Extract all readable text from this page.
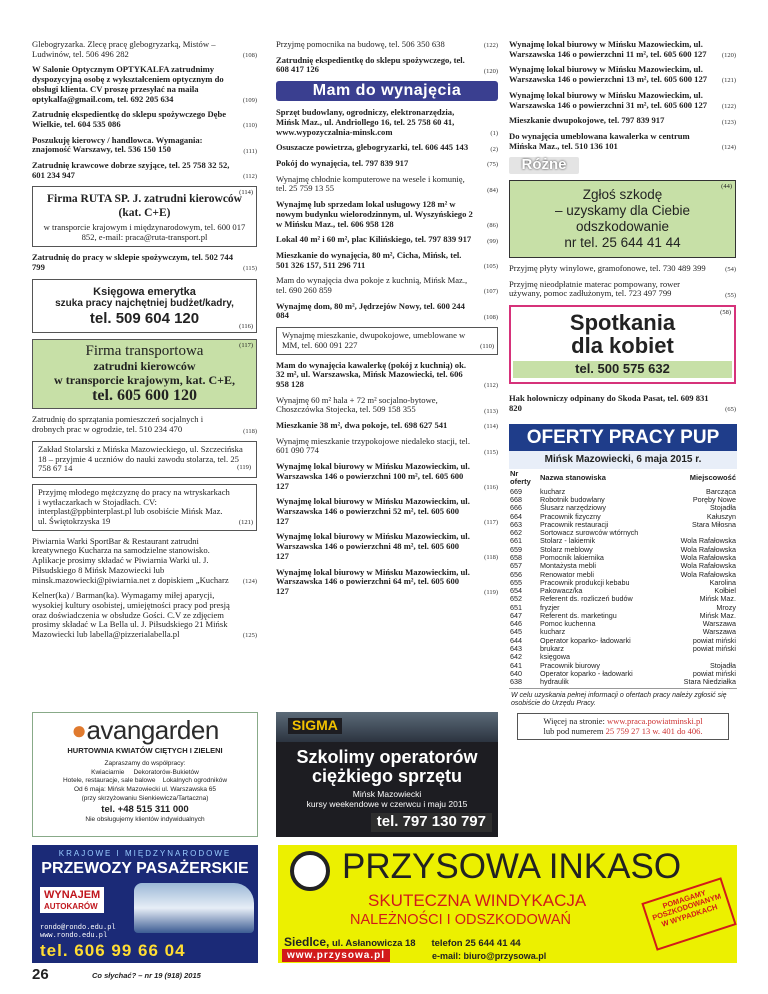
Glebogryzarka. Zlecę pracę glebogryzarką, Mistów – Ludwinów, tel. 506 496 282	(108)
W Salonie Optycznym OPTYKALFA zatrudnimy dyspozycyjną osobę z wykształceniem optycznym do obsługi klienta. CV proszę przesyłać na maila optykalfa@gmail.com, tel. 692 205 634	(109)
Zatrudnię ekspedientkę do sklepu spożywczego Dębe Wielkie, tel. 604 535 086	(110)
Poszukuję kierowcy / handlowca. Wymagania: znajomość Warszawy, tel. 536 150 150	(111)
Zatrudnię krawcowe dobrze szyjące, tel. 25 758 32 52, 601 234 947	(112)
(114)
Firma RUTA SP. J. zatrudni kierowców (kat. C+E)
w transporcie krajowym i międzynarodowym, tel. 600 017 852, e-mail: praca@ruta-transport.pl
Zatrudnię do pracy w sklepie spożywczym, tel. 502 744 799	(115)
(116)
Księgowa emerytka
szuka pracy najchętniej budżet/kadry,
tel. 509 604 120
(117)
Firma transportowa
zatrudni kierowców
w transporcie krajowym, kat. C+E,
tel. 605 600 120
Zatrudnię do sprzątania pomieszczeń socjalnych i drobnych prac w ogrodzie, tel. 510 234 470	(118)
Zakład Stolarski z Mińska Mazowieckiego, ul. Szczecińska 18 – przyjmie 4 uczniów do nauki zawodu stolarza, tel. 25 758 67 14	(119)
Przyjmę młodego mężczyznę do pracy na wtryskarkach i wytłaczarkach w Stojadłach. CV: interplast@ppbinterplast.pl lub osobiście Mińsk Maz. ul. Świętokrzyska 19	(121)
Piwiarnia Warki SportBar & Restaurant zatrudni kreatywnego Kucharza na samodzielne stanowisko. Aplikacje prosimy składać w Piwiarnia Warki ul. J. Piłsudskiego 8 Mińsk Mazowiecki lub minsk.mazowiecki@piwiarnia.net z dopiskiem „Kucharz (124)
Kelner(ka) / Barman(ka). Wymagamy miłej aparycji, wysokiej kultury osobistej, umiejętności pracy pod presją oraz doświadczenia w obsłudze Gości. C.V ze zdjęciem prosimy składać w La Bella ul. J. Piłsudskiego 21 Mińsk Mazowiecki lub labella@pizzerialabella.pl	(125)
Przyjmę pomocnika na budowę, tel. 506 350 638	(122)
Zatrudnię ekspedientkę do sklepu spożywczego, tel. 608 417 126	(120)
Mam do wynajęcia
Sprzęt budowlany, ogrodniczy, elektronarzędzia, Mińsk Maz., ul. Andriollego 16, tel. 25 758 60 41, www.wypozyczalnia-minsk.com	(1)
Osuszacze powietrza, glebogryzarki, tel. 606 445 143	(2)
Pokój do wynajęcia, tel. 797 839 917	(75)
Wynajmę chłodnie komputerowe na wesele i komunię, tel. 25 759 13 55	(84)
Wynajmę lub sprzedam lokal usługowy 128 m² w nowym budynku wielorodzinnym, ul. Wyszyńskiego 2 w Mińsku Maz., tel. 606 958 128	(86)
Lokal 40 m² i 60 m², plac Kilińskiego, tel. 797 839 917 (99)
Mieszkanie do wynajęcia, 80 m², Cicha, Mińsk, tel. 501 326 157, 511 296 711	(105)
Mam do wynajęcia dwa pokoje z kuchnią, Mińsk Maz., tel. 690 260 859	(107)
Wynajmę dom, 80 m², Jędrzejów Nowy, tel. 600 244 084	(108)
Wynajmę mieszkanie, dwupokojowe, umeblowane w MM, tel. 600 091 227	(110)
Mam do wynajęcia kawalerkę (pokój z kuchnią) ok. 32 m², ul. Warszawska, Mińsk Mazowiecki, tel. 606 958 128	(112)
Wynajmę 60 m² hala + 72 m² socjalno-bytowe, Choszczówka Stojecka, tel. 509 158 355	(113)
Mieszkanie 38 m², dwa pokoje, tel. 698 627 541	(114)
Wynajmę mieszkanie trzypokojowe niedaleko stacji, tel. 601 090 774	(115)
Wynajmę lokal biurowy w Mińsku Mazowieckim, ul. Warszawska 146 o powierzchni 100 m², tel. 605 600 127	(116)
Wynajmę lokal biurowy w Mińsku Mazowieckim, ul. Warszawska 146 o powierzchni 52 m², tel. 605 600 127	(117)
Wynajmę lokal biurowy w Mińsku Mazowieckim, ul. Warszawska 146 o powierzchni 48 m², tel. 605 600 127	(118)
Wynajmę lokal biurowy w Mińsku Mazowieckim, ul. Warszawska 146 o powierzchni 64 m², tel. 605 600 127	(119)
Wynajmę lokal biurowy w Mińsku Mazowieckim, ul. Warszawska 146 o powierzchni 11 m², tel. 605 600 127 (120)
Wynajmę lokal biurowy w Mińsku Mazowieckim, ul. Warszawska 146 o powierzchni 13 m², tel. 605 600 127 (121)
Wynajmę lokal biurowy w Mińsku Mazowieckim, ul. Warszawska 146 o powierzchni 31 m², tel. 605 600 127 (122)
Mieszkanie dwupokojowe, tel. 797 839 917	(123)
Do wynajęcia umeblowana kawalerka w centrum Mińska Maz., tel. 510 136 101	(124)
Różne
(44)
Zgłoś szkodę
– uzyskamy dla Ciebie
odszkodowanie
nr tel. 25 644 41 44
Przyjmę płyty winylowe, gramofonowe, tel. 730 489 399	(54)
Przyjmę nieodpłatnie materac pompowany, rower używany, pomoc zadłużonym, tel. 723 497 799	(55)
(58)
Spotkania
dla kobiet
tel. 500 575 632
Hak holowniczy odpinany do Skoda Pasat, tel. 609 831 820	(65)
OFERTY PRACY PUP
Mińsk Mazowiecki, 6 maja 2015 r.
Nr oferty	Nazwa stanowiska	Miejscowość
669	kucharz	Barcząca
668	Robotnik budowlany	Poręby Nowe
666	Ślusarz narzędziowy	Stojadła
664	Pracownik fizyczny	Kałuszyn
663	Pracownik restauracji	Stara Miłosna
662	Sortowacz surowców wtórnych	
661	Stolarz - lakiernik	Wola Rafałowska
659	Stolarz meblowy	Wola Rafałowska
658	Pomocnik lakiernika	Wola Rafałowska
657	Montażysta mebli	Wola Rafałowska
656	Renowator mebli	Wola Rafałowska
655	Pracownik produkcji kebabu	Karolina
654	Pakowacz/ka	Kołbiel
652	Referent ds. rozliczeń budów	Mińsk Maz.
651	fryzjer	Mrozy
647	Referent ds. marketingu	Mińsk Maz.
646	Pomoc kuchenna	Warszawa
645	kucharz	Warszawa
644	Operator koparko- ładowarki	powiat miński
643	brukarz	powiat miński
642	księgowa	
641	Pracownik biurowy	Stojadła
640	Operator koparko - ładowarki	powiat miński
638	hydraulik	Stara Niedziałka
W celu uzyskania pełnej informacji o ofertach pracy należy zgłosić się osobiście do Urzędu Pracy.
Więcej na stronie: www.praca.powiatminski.pl
lub pod numerem 25 759 27 13 w. 401 do 406.
●avangarden
HURTOWNIA KWIATÓW CIĘTYCH I ZIELENI
Zapraszamy do współpracy:
Kwiaciarnie Dekoratorów-Bukietów
Hotele, restauracje, sale balowe Lokalnych ogrodników
Od 6 maja: Mińsk Mazowiecki ul. Warszawska 65
(przy skrzyżowaniu Sienkiewicza/Tartaczna)
tel. +48 515 311 000
Nie obsługujemy klientów indywidualnych
SIGMA
Szkolimy operatorów
ciężkiego sprzętu
Mińsk Mazowiecki
kursy weekendowe w czerwcu i maju 2015
tel. 797 130 797
KRAJOWE I MIĘDZYNARODOWE
PRZEWOZY PASAŻERSKIE
WYNAJEM
AUTOKARÓW
rondo@rondo.edu.pl
www.rondo.edu.pl
tel. 606 99 66 04
PRZYSOWA INKASO
SKUTECZNA WINDYKACJA
NALEŻNOŚCI I ODSZKODOWAŃ
POMAGAMY POSZKODOWANYM W WYPADKACH
Siedlce, ul. Asłanowicza 18 telefon 25 644 41 44
www.przysowa.pl	e-mail: biuro@przysowa.pl
26	Co słychać? – nr 19 (918) 2015
